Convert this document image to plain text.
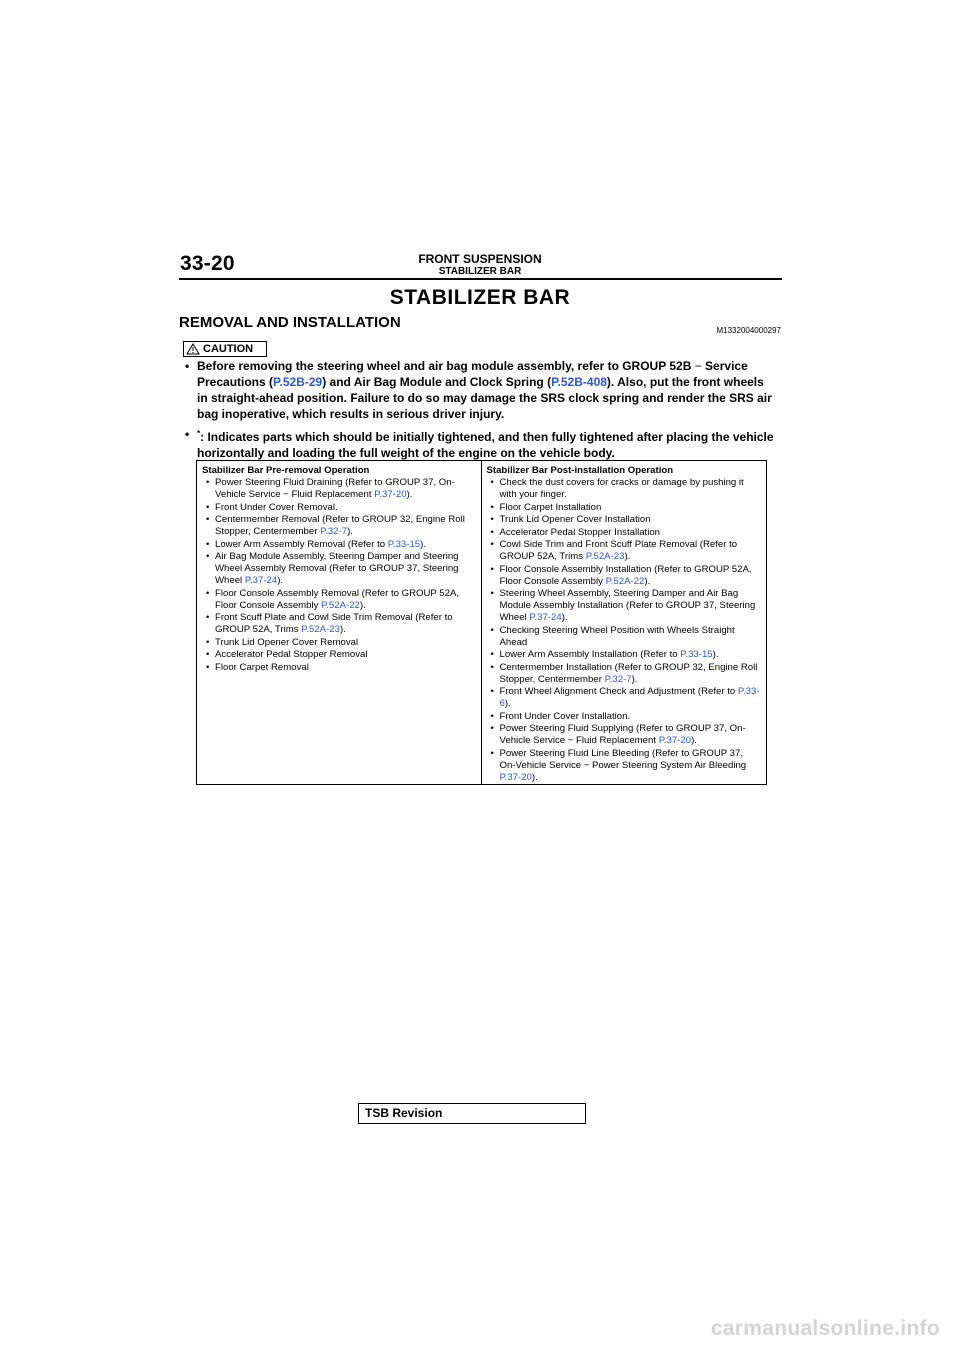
33-20	FRONT SUSPENSION
STABILIZER BAR
STABILIZER BAR
REMOVAL AND INSTALLATION	M1332004000297
CAUTION
• Before removing the steering wheel and air bag module assembly, refer to GROUP 52B − Service Precautions (P.52B-29) and Air Bag Module and Clock Spring (P.52B-408). Also, put the front wheels in straight-ahead position. Failure to do so may damage the SRS clock spring and render the SRS air bag inoperative, which results in serious driver injury.
• *: Indicates parts which should be initially tightened, and then fully tightened after placing the vehicle horizontally and loading the full weight of the engine on the vehicle body.
Stabilizer Bar Pre-removal Operation
• Power Steering Fluid Draining (Refer to GROUP 37, On-Vehicle Service − Fluid Replacement P.37-20).
• Front Under Cover Removal.
• Centermember Removal (Refer to GROUP 32, Engine Roll Stopper, Centermember P.32-7).
• Lower Arm Assembly Removal (Refer to P.33-15).
• Air Bag Module Assembly, Steering Damper and Steering Wheel Assembly Removal (Refer to GROUP 37, Steering Wheel P.37-24).
• Floor Console Assembly Removal (Refer to GROUP 52A, Floor Console Assembly P.52A-22).
• Front Scuff Plate and Cowl Side Trim Removal (Refer to GROUP 52A, Trims P.52A-23).
• Trunk Lid Opener Cover Removal
• Accelerator Pedal Stopper Removal
• Floor Carpet Removal
Stabilizer Bar Post-installation Operation
• Check the dust covers for cracks or damage by pushing it with your finger.
• Floor Carpet Installation
• Trunk Lid Opener Cover Installation
• Accelerator Pedal Stopper Installation
• Cowl Side Trim and Front Scuff Plate Removal (Refer to GROUP 52A, Trims P.52A-23).
• Floor Console Assembly Installation (Refer to GROUP 52A, Floor Console Assembly P.52A-22).
• Steering Wheel Assembly, Steering Damper and Air Bag Module Assembly Installation (Refer to GROUP 37, Steering Wheel P.37-24).
• Checking Steering Wheel Position with Wheels Straight Ahead
• Lower Arm Assembly Installation (Refer to P.33-15).
• Centermember Installation (Refer to GROUP 32, Engine Roll Stopper, Centermember P.32-7).
• Front Wheel Alignment Check and Adjustment (Refer to P.33-6).
• Front Under Cover Installation.
• Power Steering Fluid Supplying (Refer to GROUP 37, On-Vehicle Service − Fluid Replacement P.37-20).
• Power Steering Fluid Line Bleeding (Refer to GROUP 37, On-Vehicle Service − Power Steering System Air Bleeding P.37-20).
TSB Revision
carmanualsonline.info
